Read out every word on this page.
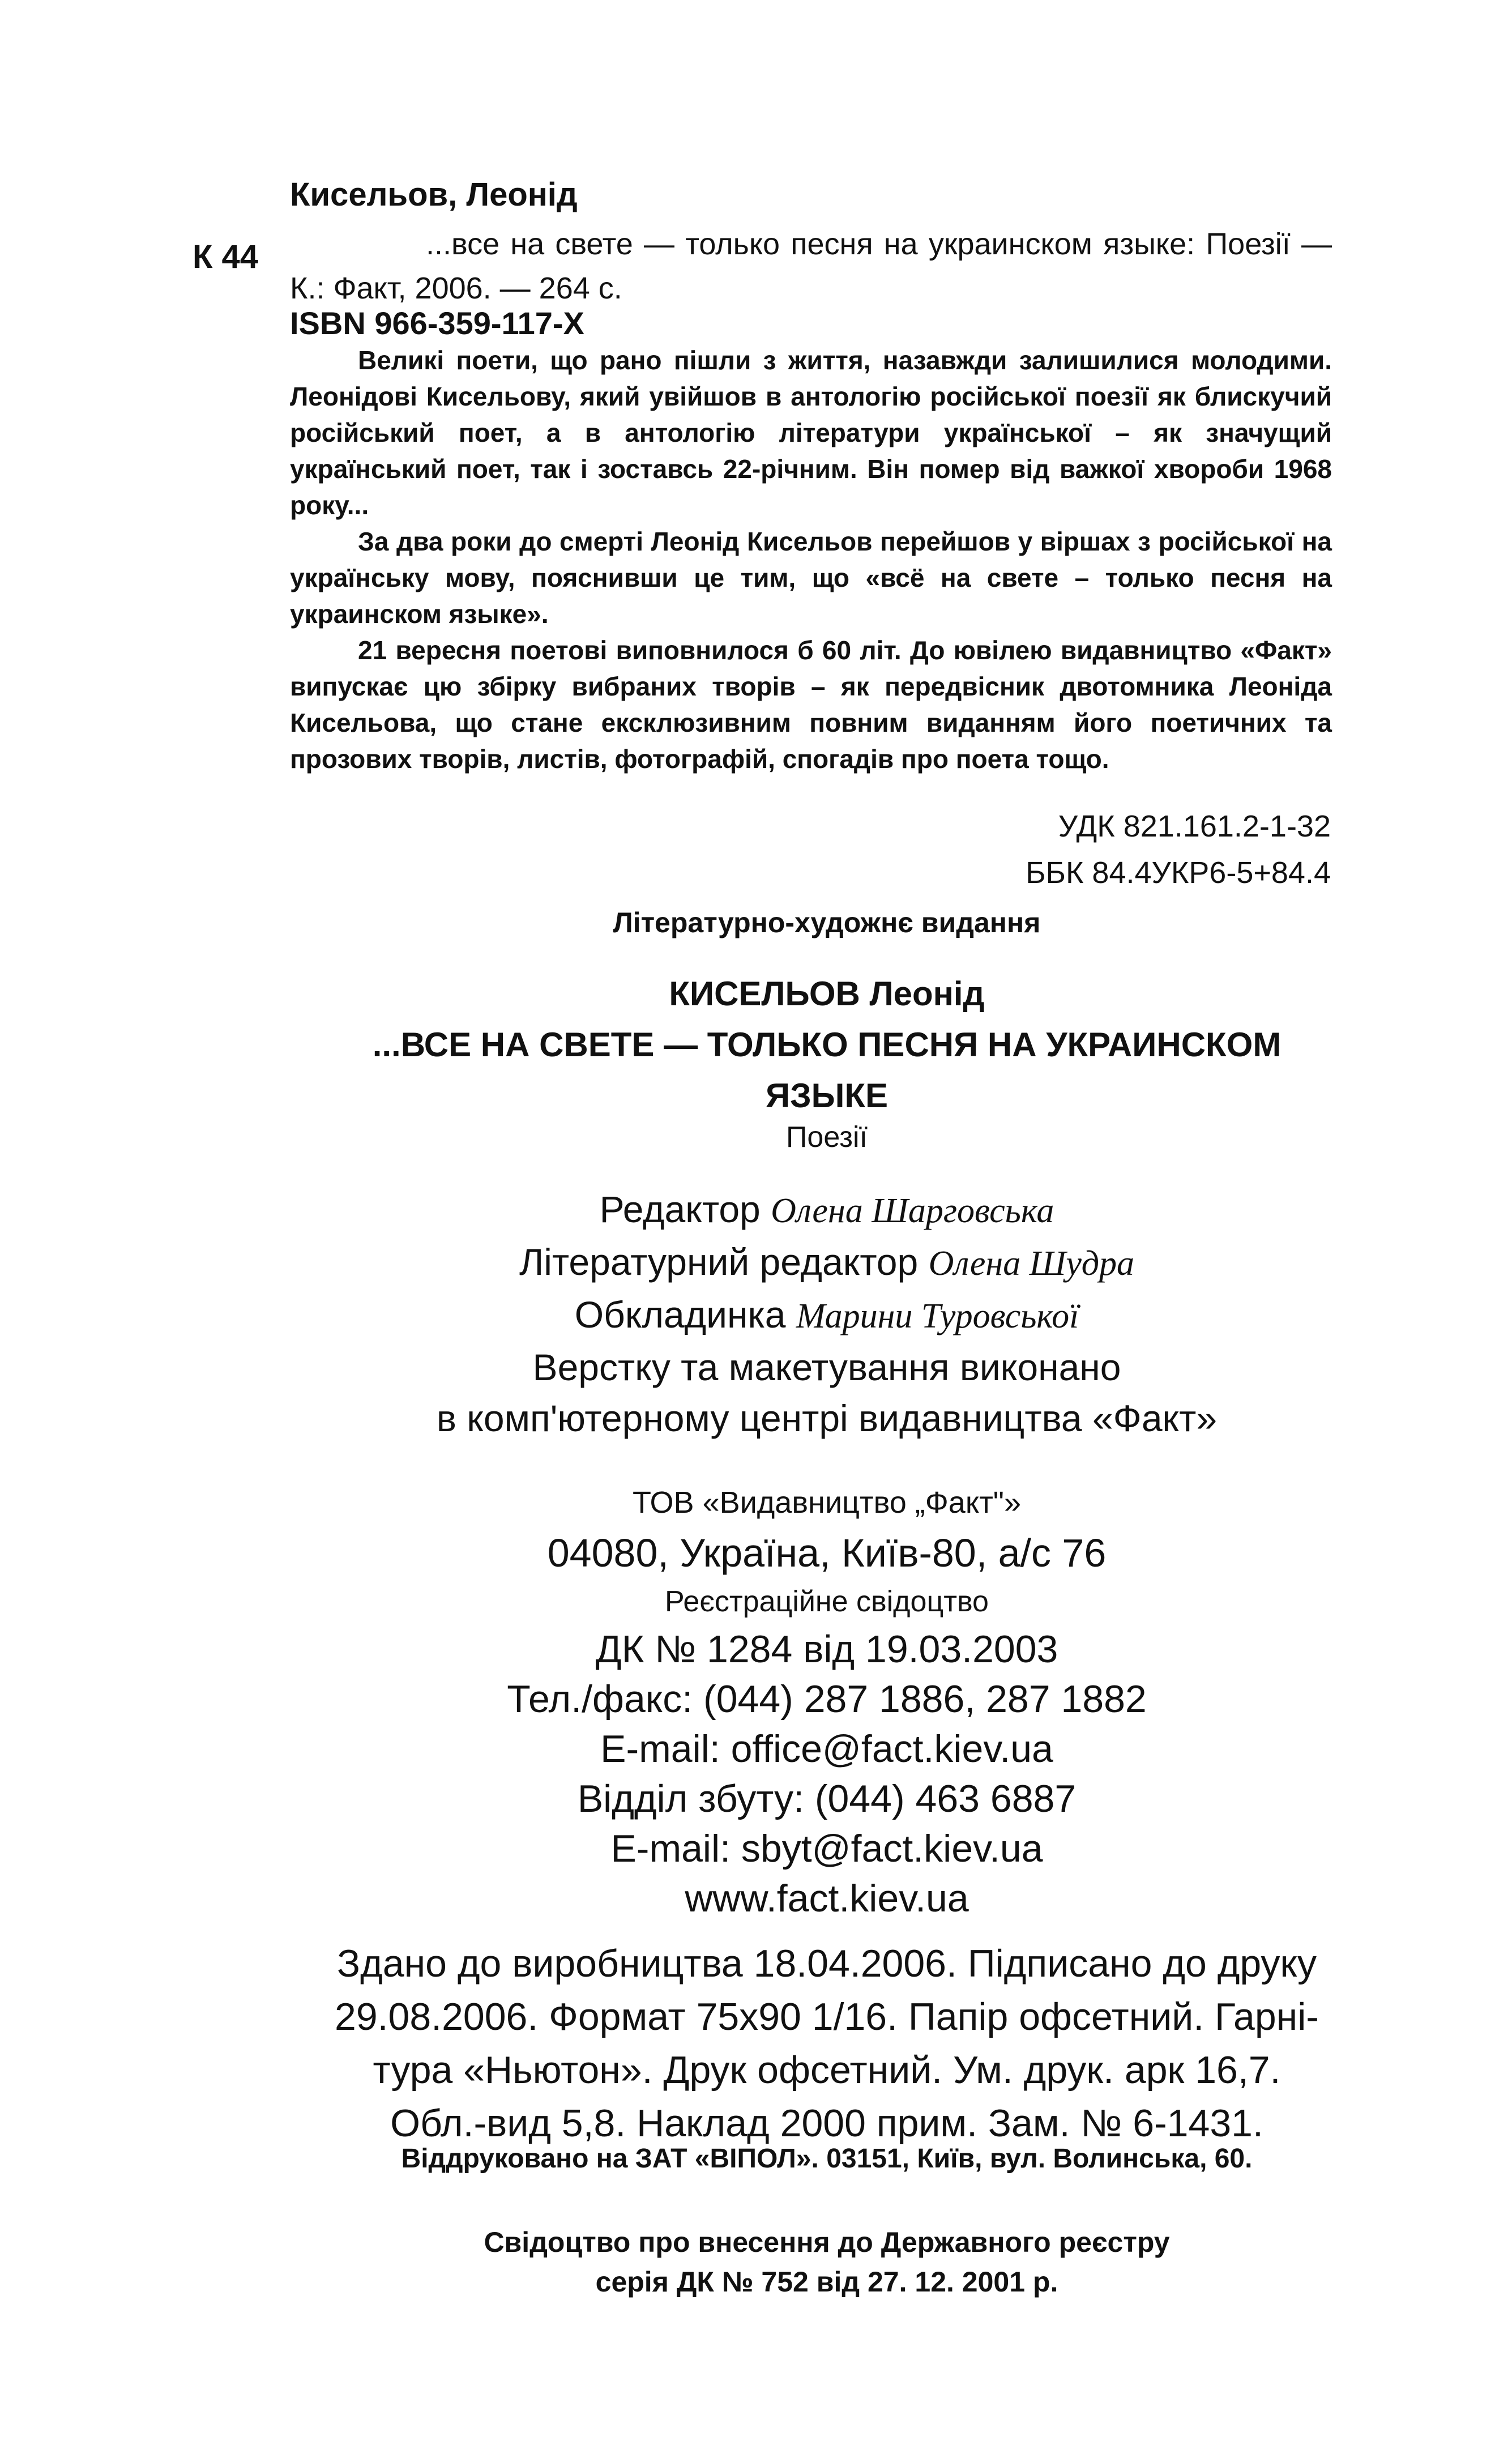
Кисельов, Леонід
К 44	...все на свете — только песня на украинском языке: Поезії — К.: Факт, 2006. — 264 с.
ISBN 966-359-117-X

Великі поети, що рано пішли з життя, назавжди залишилися молодими. Леонідові Кисельову, який увійшов в антологію російської поезії як блискучий російський поет, а в антологію літератури української – як значущий український поет, так і зоставсь 22-річним. Він помер від важкої хвороби 1968 року...

За два роки до смерті Леонід Кисельов перейшов у віршах з російської на українську мову, пояснивши це тим, що «всё на свете – только песня на украинском языке».

21 вересня поетові виповнилося б 60 літ. До ювілею видавництво «Факт» випускає цю збірку вибраних творів – як передвісник двотомника Леоніда Кисельова, що стане ексклюзивним повним виданням його поетичних та прозових творів, листів, фотографій, спогадів про поета тощо.

УДК 821.161.2-1-32
ББК 84.4УКР6-5+84.4
Літературно-художнє видання
КИСЕЛЬОВ Леонід
...ВСЕ НА СВЕТЕ — ТОЛЬКО ПЕСНЯ НА УКРАИНСКОМ
ЯЗЫКЕ
Поезії
Редактор Олена Шарговська
Літературний редактор Олена Шудра
Обкладинка Марини Туровської
Верстку та макетування виконано
в комп'ютерному центрі видавництва «Факт»
ТОВ «Видавництво „Факт"»
04080, Україна, Київ-80, а/с 76
Реєстраційне свідоцтво
ДК № 1284 від 19.03.2003
Тел./факс: (044) 287 1886, 287 1882
E-mail: office@fact.kiev.ua
Відділ збуту: (044) 463 6887
E-mail: sbyt@fact.kiev.ua
www.fact.kiev.ua
Здано до виробництва 18.04.2006. Підписано до друку
29.08.2006. Формат 75х90 1/16. Папір офсетний. Гарні-
тура «Ньютон». Друк офсетний. Ум. друк. арк 16,7.
Обл.-вид 5,8. Наклад 2000 прим. Зам. № 6-1431.
Віддруковано на ЗАТ «ВІПОЛ». 03151, Київ, вул. Волинська, 60.
Свідоцтво про внесення до Державного реєстру
серія ДК № 752 від 27. 12. 2001 р.
